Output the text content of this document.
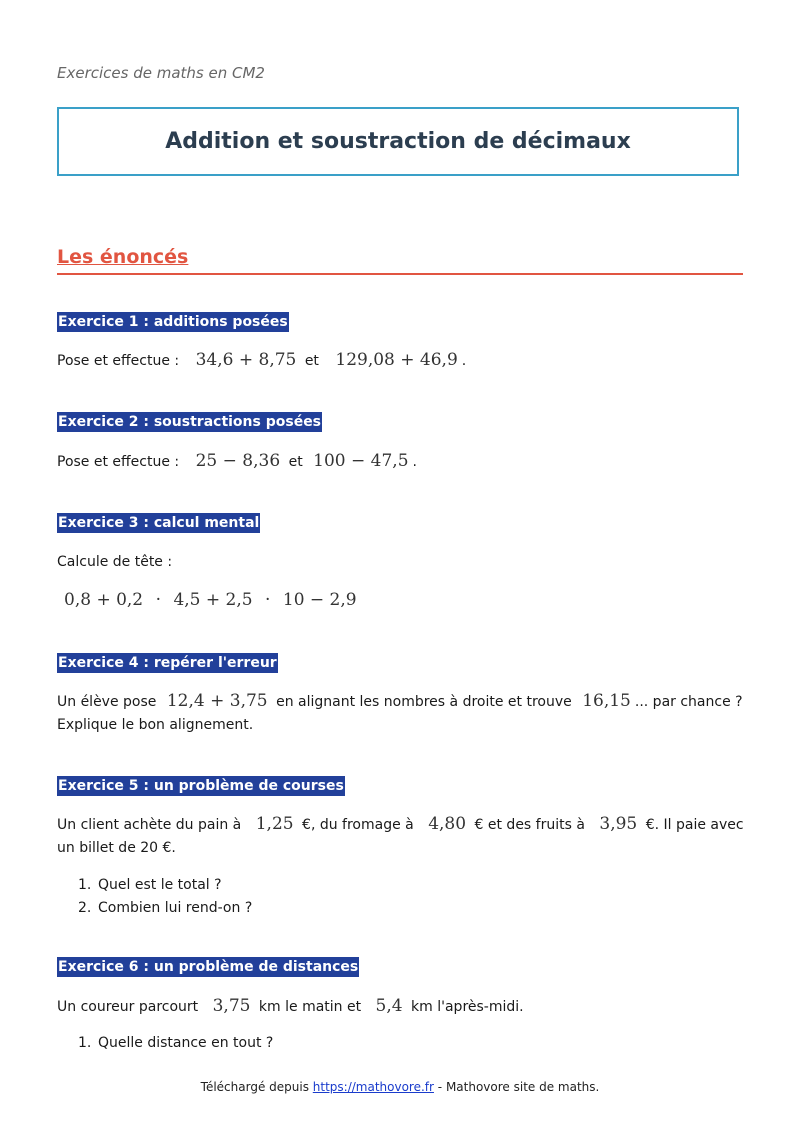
Exercices de maths en CM2
Addition et soustraction de décimaux
Les énoncés
Exercice 1 : additions posées
Pose et effectue : 34,6 + 8,75 et 129,08 + 46,9 .
Exercice 2 : soustractions posées
Pose et effectue : 25 − 8,36 et 100 − 47,5 .
Exercice 3 : calcul mental
Calcule de tête :
0,8 + 0,2 · 4,5 + 2,5 · 10 − 2,9
Exercice 4 : repérer l'erreur
Un élève pose 12,4 + 3,75 en alignant les nombres à droite et trouve 16,15 ... par chance ? Explique le bon alignement.
Exercice 5 : un problème de courses
Un client achète du pain à 1,25 €, du fromage à 4,80 € et des fruits à 3,95 €. Il paie avec un billet de 20 €.
1. Quel est le total ?
2. Combien lui rend-on ?
Exercice 6 : un problème de distances
Un coureur parcourt 3,75 km le matin et 5,4 km l'après-midi.
1. Quelle distance en tout ?
Téléchargé depuis https://mathovore.fr - Mathovore site de maths.
